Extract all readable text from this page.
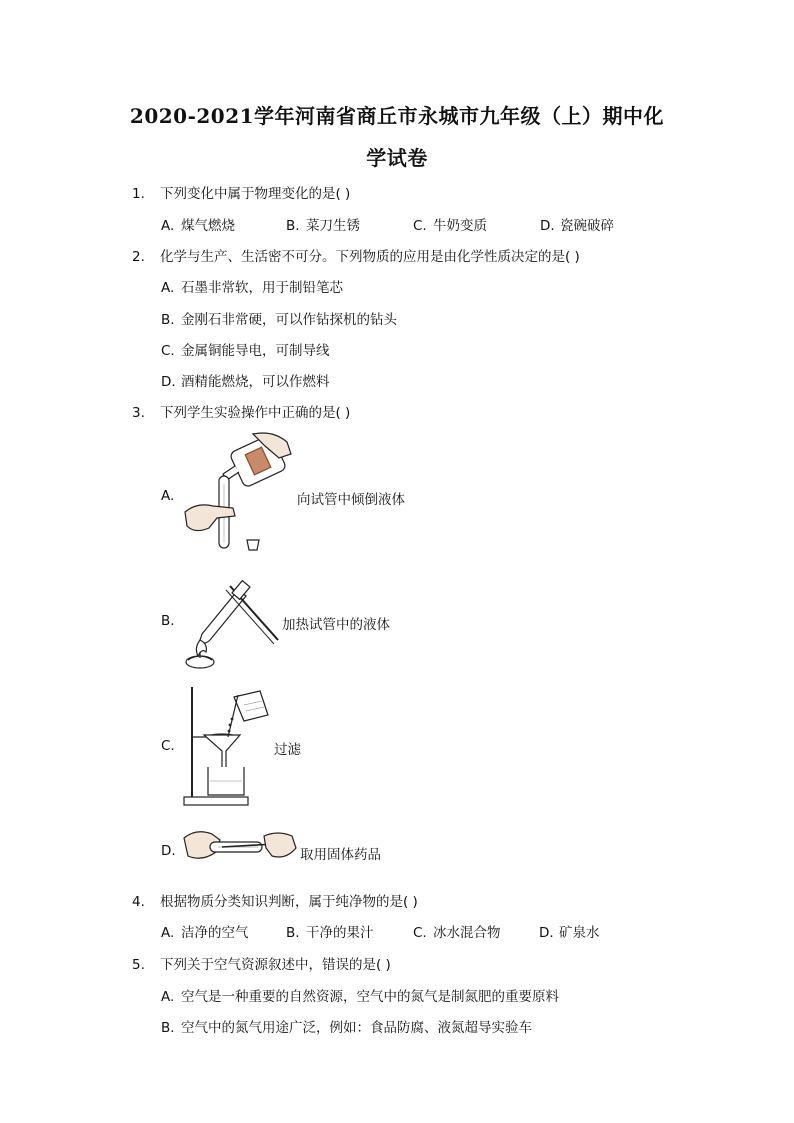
2020-2021学年河南省商丘市永城市九年级（上）期中化
学试卷
1. 下列变化中属于物理变化的是( )
A. 煤气燃烧	B. 菜刀生锈	C. 牛奶变质	D. 瓷碗破碎
2. 化学与生产、生活密不可分。下列物质的应用是由化学性质决定的是( )
A. 石墨非常软，用于制铅笔芯
B. 金刚石非常硬，可以作钻探机的钻头
C. 金属铜能导电，可制导线
D. 酒精能燃烧，可以作燃料
3. 下列学生实验操作中正确的是( )
A.	向试管中倾倒液体
B.	加热试管中的液体
C.	过滤
D.	取用固体药品
4. 根据物质分类知识判断，属于纯净物的是( )
A. 洁净的空气	B. 干净的果汁	C. 冰水混合物	D. 矿泉水
5. 下列关于空气资源叙述中，错误的是( )
A. 空气是一种重要的自然资源，空气中的氮气是制氮肥的重要原料
B. 空气中的氮气用途广泛，例如：食品防腐、液氮超导实验车
